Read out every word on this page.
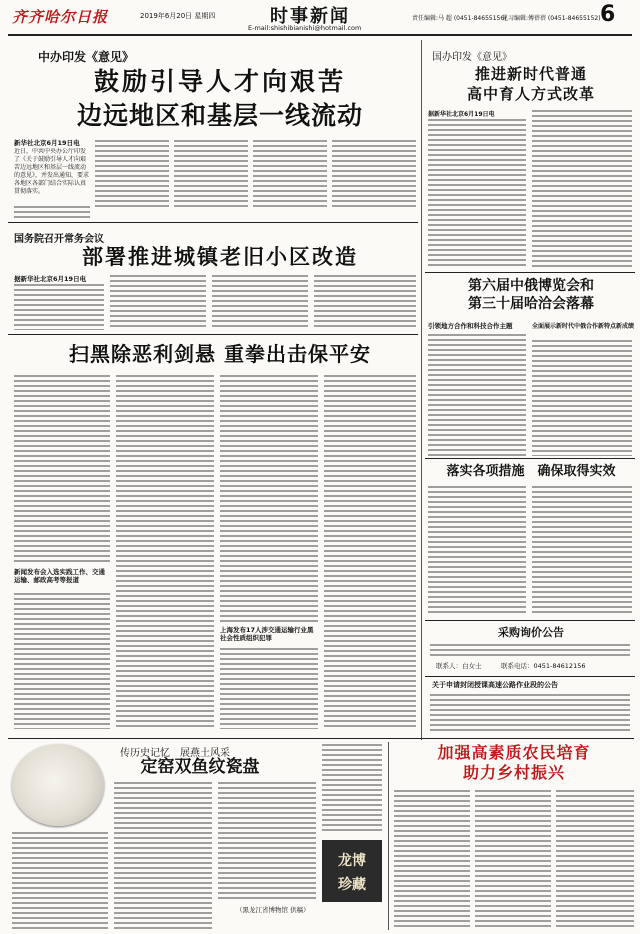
齐齐哈尔日报	2019年6月20日 星期四	时事新闻
E-mail:shishibianishi@hotmail.com
责任编辑:马 超 (0451-84655156)
见习编辑:傅蓓蓓 (0451-84655152) 6
中办印发《意见》
鼓励引导人才向艰苦
边远地区和基层一线流动
新华社北京6月19日电
近日，中共中央办公厅印发了《关于鼓励引导人才向艰苦边远地区和基层一线流动的意见》，并发出通知，要求各地区各部门结合实际认真贯彻落实。
国务院召开常务会议
部署推进城镇老旧小区改造
据新华社北京6月19日电
扫黑除恶利剑悬 重拳出击保平安
新闻发布会入选实践工作、交通运输、邮政高考等报道
上海发布17人涉交通运输行业黑社会性质组织犯罪
国办印发《意见》
推进新时代普通
高中育人方式改革
据新华社北京6月19日电
第六届中俄博览会和
第三十届哈洽会落幕
引领地方合作和科技合作主题	全面展示新时代中俄合作新特点新成绩
落实各项措施　确保取得实效
采购询价公告
联系人：白女士　　　联系电话：0451-84612156
关于申请封闭授课高速公路作业段的公告
传历史记忆　展燕土风采
定窑双鱼纹瓷盘
（黑龙江省博物馆 供稿）
龙博
珍藏
加强高素质农民培育
助力乡村振兴
